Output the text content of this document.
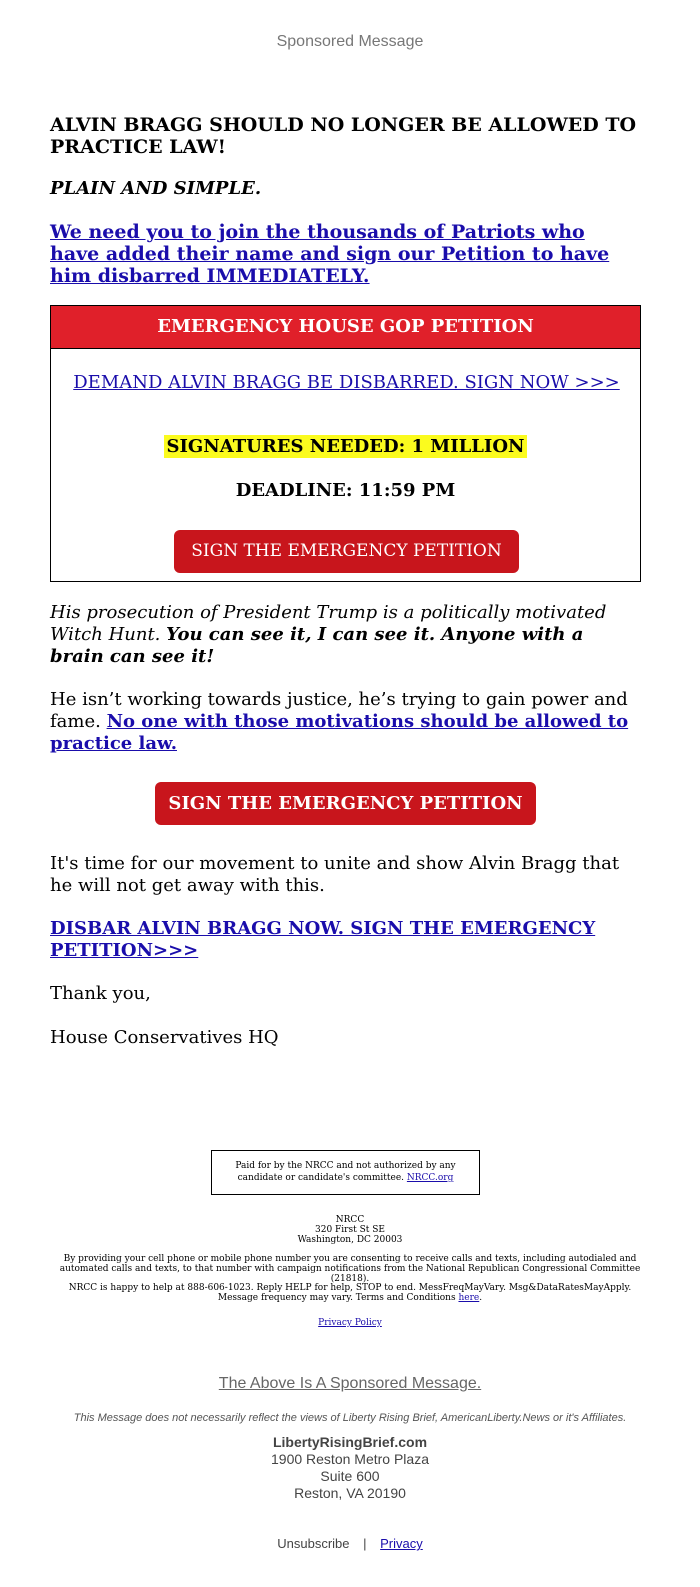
Sponsored Message

ALVIN BRAGG SHOULD NO LONGER BE ALLOWED TO PRACTICE LAW!

PLAIN AND SIMPLE.

We need you to join the thousands of Patriots who have added their name and sign our Petition to have him disbarred IMMEDIATELY.
EMERGENCY HOUSE GOP PETITION
DEMAND ALVIN BRAGG BE DISBARRED. SIGN NOW >>>
SIGNATURES NEEDED: 1 MILLION
DEADLINE: 11:59 PM
SIGN THE EMERGENCY PETITION
His prosecution of President Trump is a politically motivated Witch Hunt. You can see it, I can see it. Anyone with a brain can see it!
He isn’t working towards justice, he’s trying to gain power and fame. No one with those motivations should be allowed to practice law.
SIGN THE EMERGENCY PETITION
It's time for our movement to unite and show Alvin Bragg that he will not get away with this.
DISBAR ALVIN BRAGG NOW. SIGN THE EMERGENCY PETITION>>>
Thank you,
House Conservatives HQ
Paid for by the NRCC and not authorized by any candidate or candidate's committee. NRCC.org
NRCC
320 First St SE
Washington, DC 20003
By providing your cell phone or mobile phone number you are consenting to receive calls and texts, including autodialed and automated calls and texts, to that number with campaign notifications from the National Republican Congressional Committee (21818).
NRCC is happy to help at 888-606-1023. Reply HELP for help, STOP to end. MessFreqMayVary. Msg&DataRatesMayApply. Message frequency may vary. Terms and Conditions here.
Privacy Policy
The Above Is A Sponsored Message.
This Message does not necessarily reflect the views of Liberty Rising Brief, AmericanLiberty.News or it's Affiliates.
LibertyRisingBrief.com
1900 Reston Metro Plaza
Suite 600
Reston, VA 20190
Unsubscribe | Privacy
